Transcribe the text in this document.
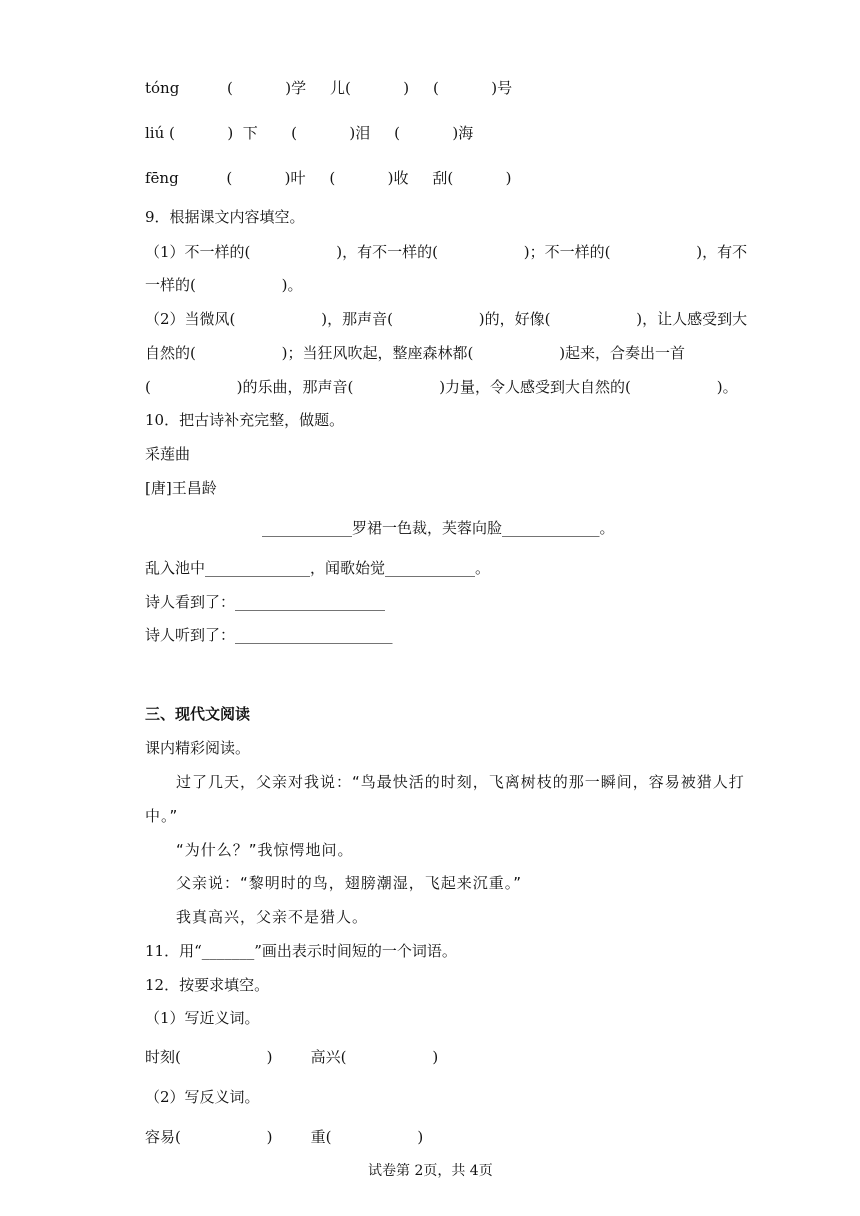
tóng          (           )学     儿(           )     (           )号
liú (           )  下       (           )泪     (           )海
fēng          (           )叶     (           )收     刮(           )
9．根据课文内容填空。
（1）不一样的(                  )，有不一样的(                  )；不一样的(                  )，有不
一样的(                  )。
（2）当微风(                  )，那声音(                  )的，好像(                  )，让人感受到大
自然的(                  )；当狂风吹起，整座森林都(                  )起来，合奏出一首
(                  )的乐曲，那声音(                  )力量，令人感受到大自然的(                  )。
10．把古诗补充完整，做题。
采莲曲
[唐]王昌龄
____________罗裙一色裁，芙蓉向脸_____________。
乱入池中______________，闻歌始觉____________。
诗人看到了：____________________
诗人听到了：_____________________
三、现代文阅读
课内精彩阅读。
过了几天，父亲对我说：“鸟最快活的时刻，飞离树枝的那一瞬间，容易被猎人打
中。”
“为什么？”我惊愕地问。
父亲说：“黎明时的鸟，翅膀潮湿，飞起来沉重。”
我真高兴，父亲不是猎人。
11．用“_______”画出表示时间短的一个词语。
12．按要求填空。
（1）写近义词。
时刻(                  )        高兴(                  )
（2）写反义词。
容易(                  )        重(                  )
试卷第 2页，共 4页
